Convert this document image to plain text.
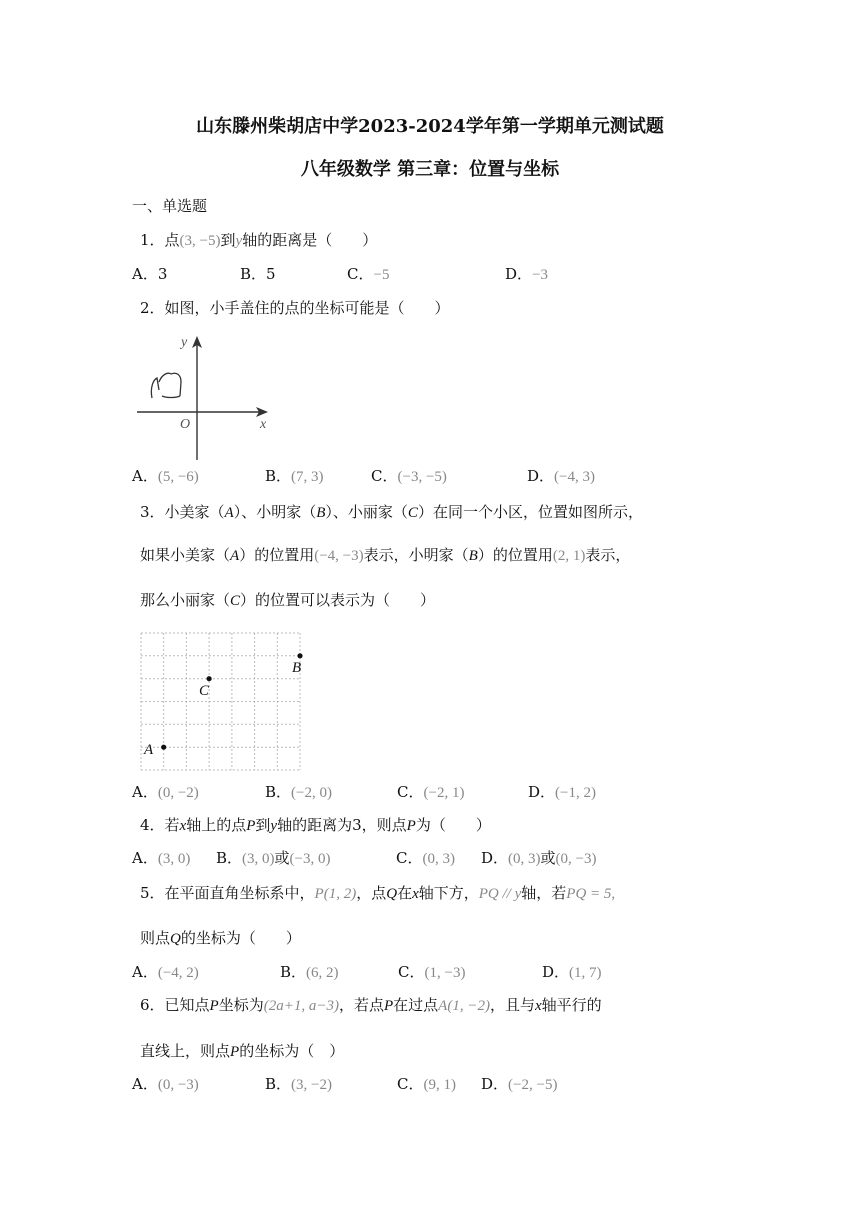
山东滕州柴胡店中学2023-2024学年第一学期单元测试题
八年级数学 第三章：位置与坐标
一、单选题
1．点(3, −5)到y轴的距离是（　　）
A．3	B．5	C．−5	D．−3
2．如图，小手盖住的点的坐标可能是（　　）
x
y
O
A．(5, −6)	B．(7, 3)	C．(−3, −5)	D．(−4, 3)
3．小美家（A）、小明家（B）、小丽家（C）在同一个小区，位置如图所示，
如果小美家（A）的位置用(−4, −3)表示，小明家（B）的位置用(2, 1)表示，
那么小丽家（C）的位置可以表示为（　　）
A
B
C
A．(0, −2)	B．(−2, 0)	C．(−2, 1)	D．(−1, 2)
4．若x轴上的点P到y轴的距离为3，则点P为（　　）
A．(3, 0) B．(3, 0)或(−3, 0)	C．(0, 3) D．(0, 3)或(0, −3)
5．在平面直角坐标系中，P(1, 2)，点Q在x轴下方，PQ // y轴，若PQ = 5,
则点Q的坐标为（　　）
A．(−4, 2)	B．(6, 2)	C．(1, −3)	D．(1, 7)
6．已知点P坐标为(2a+1, a−3)，若点P在过点A(1, −2)，且与x轴平行的
直线上，则点P的坐标为（　）
A．(0, −3)	B．(3, −2)	C．(9, 1) D．(−2, −5)
